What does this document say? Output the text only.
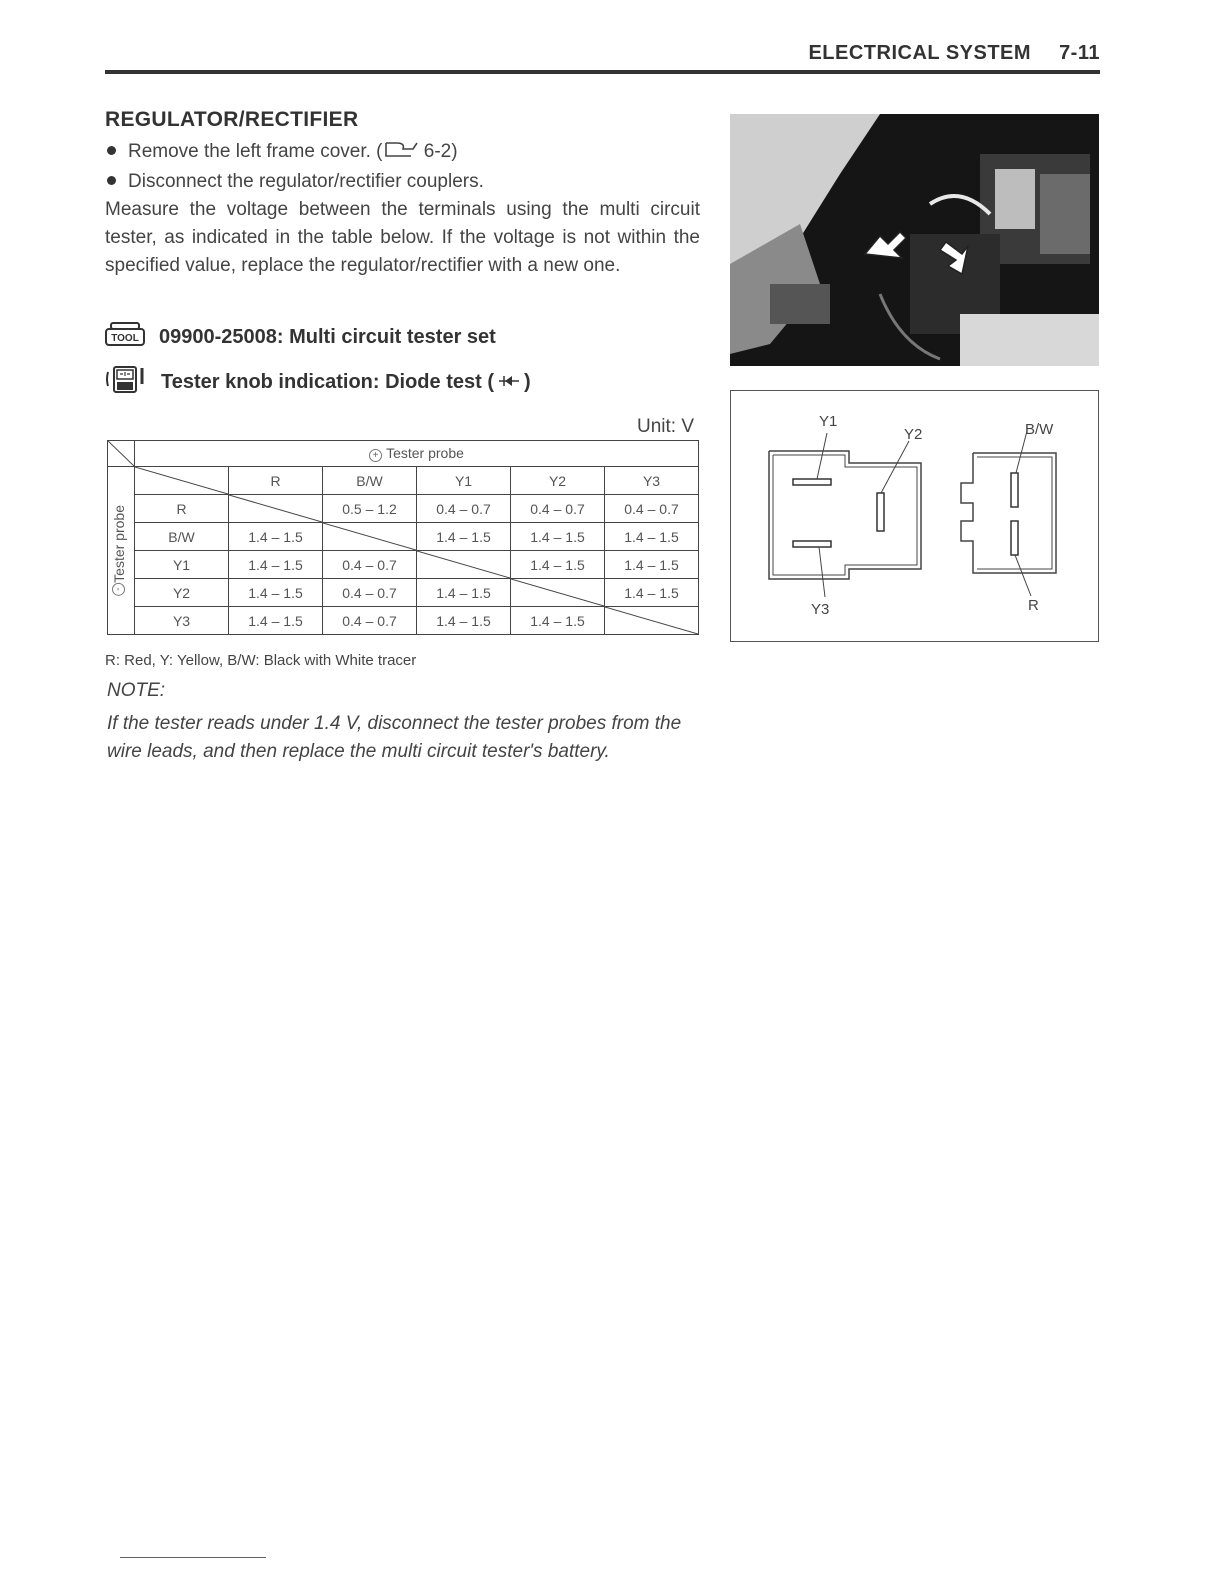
ELECTRICAL SYSTEM 7-11
REGULATOR/RECTIFIER
Remove the left frame cover. ( 6-2)
Disconnect the regulator/rectifier couplers.

Measure the voltage between the terminals using the multi circuit tester, as indicated in the table below. If the voltage is not within the specified value, replace the regulator/rectifier with a new one.

TOOL 09900-25008: Multi circuit tester set
Tester knob indication: Diode test ( )
Unit: V
	+ Tester probe					

-Tester probe		R	B/W	Y1	Y2	Y3
	R		0.5 – 1.2	0.4 – 0.7	0.4 – 0.7	0.4 – 0.7
	B/W	1.4 – 1.5		1.4 – 1.5	1.4 – 1.5	1.4 – 1.5
	Y1	1.4 – 1.5	0.4 – 0.7		1.4 – 1.5	1.4 – 1.5
	Y2	1.4 – 1.5	0.4 – 0.7	1.4 – 1.5		1.4 – 1.5
	Y3	1.4 – 1.5	0.4 – 0.7	1.4 – 1.5	1.4 – 1.5	
R: Red, Y: Yellow, B/W: Black with White tracer
NOTE:
If the tester reads under 1.4 V, disconnect the tester probes from the wire leads, and then replace the multi circuit tester's battery.
Y1
Y2	B/W
Y3	R
